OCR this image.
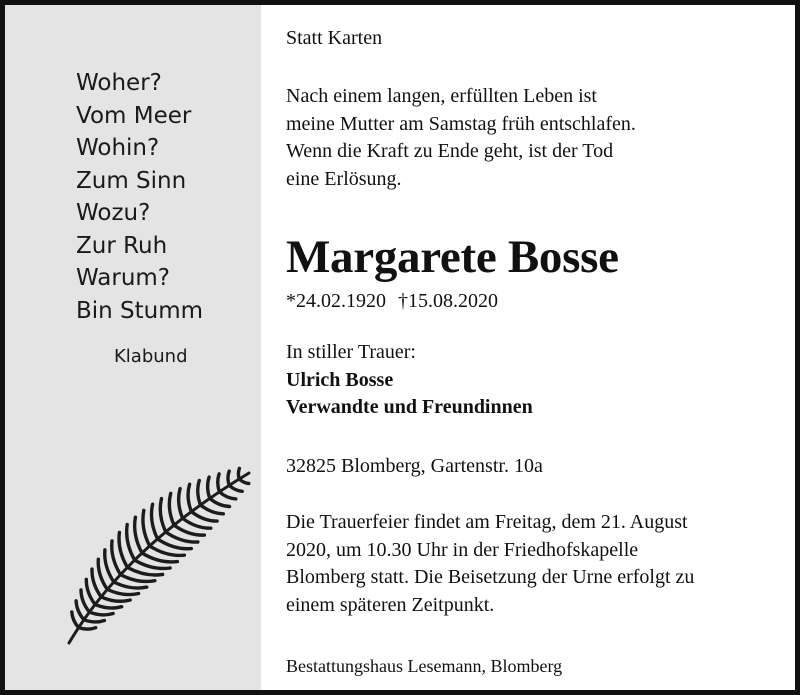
Woher?
Vom Meer
Wohin?
Zum Sinn
Wozu?
Zur Ruh
Warum?
Bin Stumm
Klabund
Statt Karten
Nach einem langen, erfüllten Leben ist
meine Mutter am Samstag früh entschlafen.
Wenn die Kraft zu Ende geht, ist der Tod
eine Erlösung.
Margarete Bosse
*24.02.1920 †15.08.2020
In stiller Trauer:
Ulrich Bosse
Verwandte und Freundinnen
32825 Blomberg, Gartenstr. 10a
Die Trauerfeier findet am Freitag, dem 21. August
2020, um 10.30 Uhr in der Friedhofskapelle
Blomberg statt. Die Beisetzung der Urne erfolgt zu
einem späteren Zeitpunkt.
Bestattungshaus Lesemann, Blomberg
